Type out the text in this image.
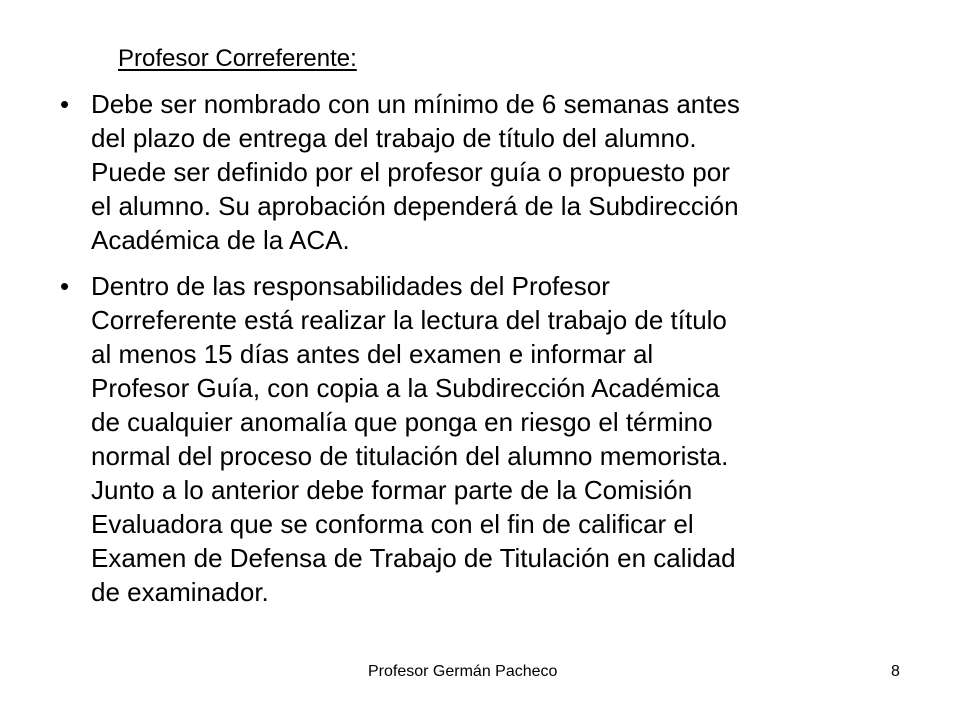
Profesor Correferente:
• Debe ser nombrado con un mínimo de 6 semanas antes
del plazo de entrega del trabajo de título del alumno.
Puede ser definido por el profesor guía o propuesto por
el alumno. Su aprobación dependerá de la Subdirección
Académica de la ACA.
• Dentro de las responsabilidades del Profesor
Correferente está realizar la lectura del trabajo de título
al menos 15 días antes del examen e informar al
Profesor Guía, con copia a la Subdirección Académica
de cualquier anomalía que ponga en riesgo el término
normal del proceso de titulación del alumno memorista.
Junto a lo anterior debe formar parte de la Comisión
Evaluadora que se conforma con el fin de calificar el
Examen de Defensa de Trabajo de Titulación en calidad
de examinador.
Profesor Germán Pacheco	8
